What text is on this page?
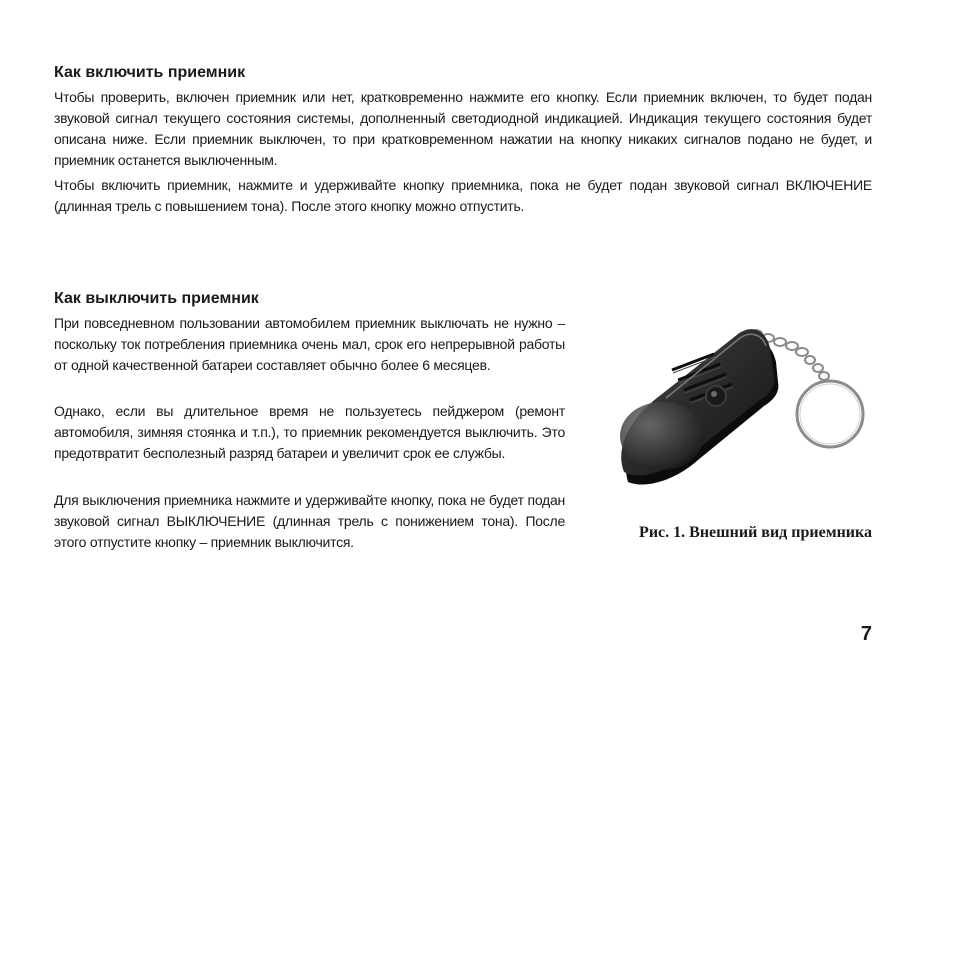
Как включить приемник

Чтобы проверить, включен приемник или нет, кратковременно нажмите его кнопку. Если приемник включен, то будет подан звуковой сигнал текущего состояния системы, дополненный светодиодной индикацией. Индикация текущего состояния будет описана ниже. Если приемник выключен, то при кратковременном нажатии на кнопку никаких сигналов подано не будет, и приемник останется выключенным.

Чтобы включить приемник, нажмите и удерживайте кнопку приемника, пока не будет подан звуковой сигнал ВКЛЮЧЕНИЕ (длинная трель с повышением тона). После этого кнопку можно отпустить.

Как выключить приемник

При повседневном пользовании автомобилем приемник выключать не нужно – поскольку ток потребления приемника очень мал, срок его непрерывной работы от одной качественной батареи составляет обычно более 6 месяцев.

Однако, если вы длительное время не пользуетесь пейджером (ремонт автомобиля, зимняя стоянка и т.п.), то приемник рекомендуется выключить. Это предотвратит бесполезный разряд батареи и увеличит срок ее службы.

Для выключения приемника нажмите и удерживайте кнопку, пока не будет подан звуковой сигнал ВЫКЛЮЧЕНИЕ (длинная трель с понижением тона). После этого отпустите кнопку – приемник выключится.

Рис. 1. Внешний вид приемника

7
